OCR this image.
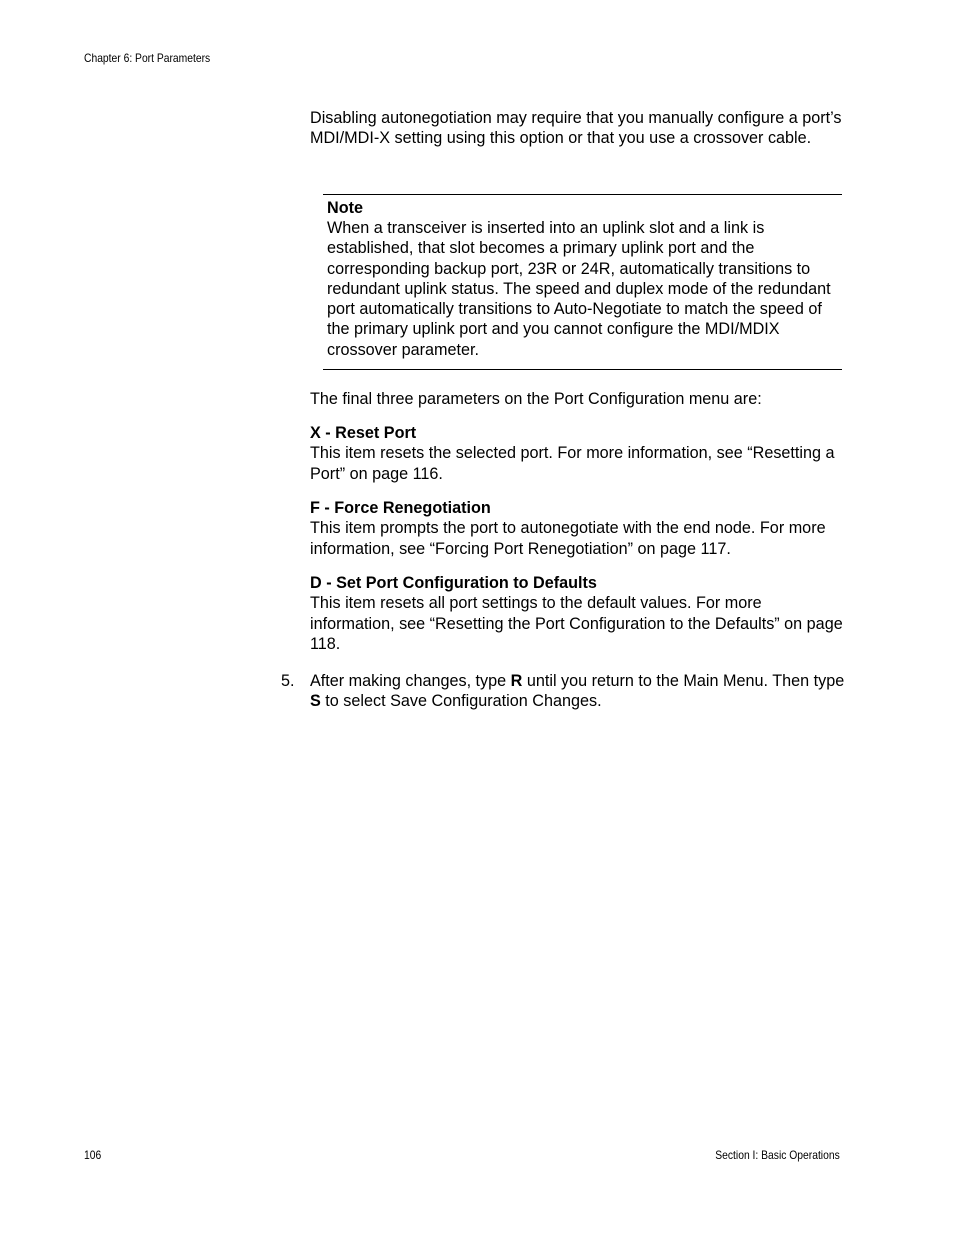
Chapter 6: Port Parameters

Disabling autonegotiation may require that you manually configure a port’s MDI/MDI-X setting using this option or that you use a crossover cable.

Note

When a transceiver is inserted into an uplink slot and a link is established, that slot becomes a primary uplink port and the corresponding backup port, 23R or 24R, automatically transitions to redundant uplink status. The speed and duplex mode of the redundant port automatically transitions to Auto-Negotiate to match the speed of the primary uplink port and you cannot configure the MDI/MDIX crossover parameter.

The final three parameters on the Port Configuration menu are:

X - Reset Port

This item resets the selected port. For more information, see “Resetting a Port” on page 116.

F - Force Renegotiation

This item prompts the port to autonegotiate with the end node. For more information, see “Forcing Port Renegotiation” on page 117.

D - Set Port Configuration to Defaults

This item resets all port settings to the default values. For more information, see “Resetting the Port Configuration to the Defaults” on page 118.

5. After making changes, type R until you return to the Main Menu. Then type S to select Save Configuration Changes.

106	Section I: Basic Operations
